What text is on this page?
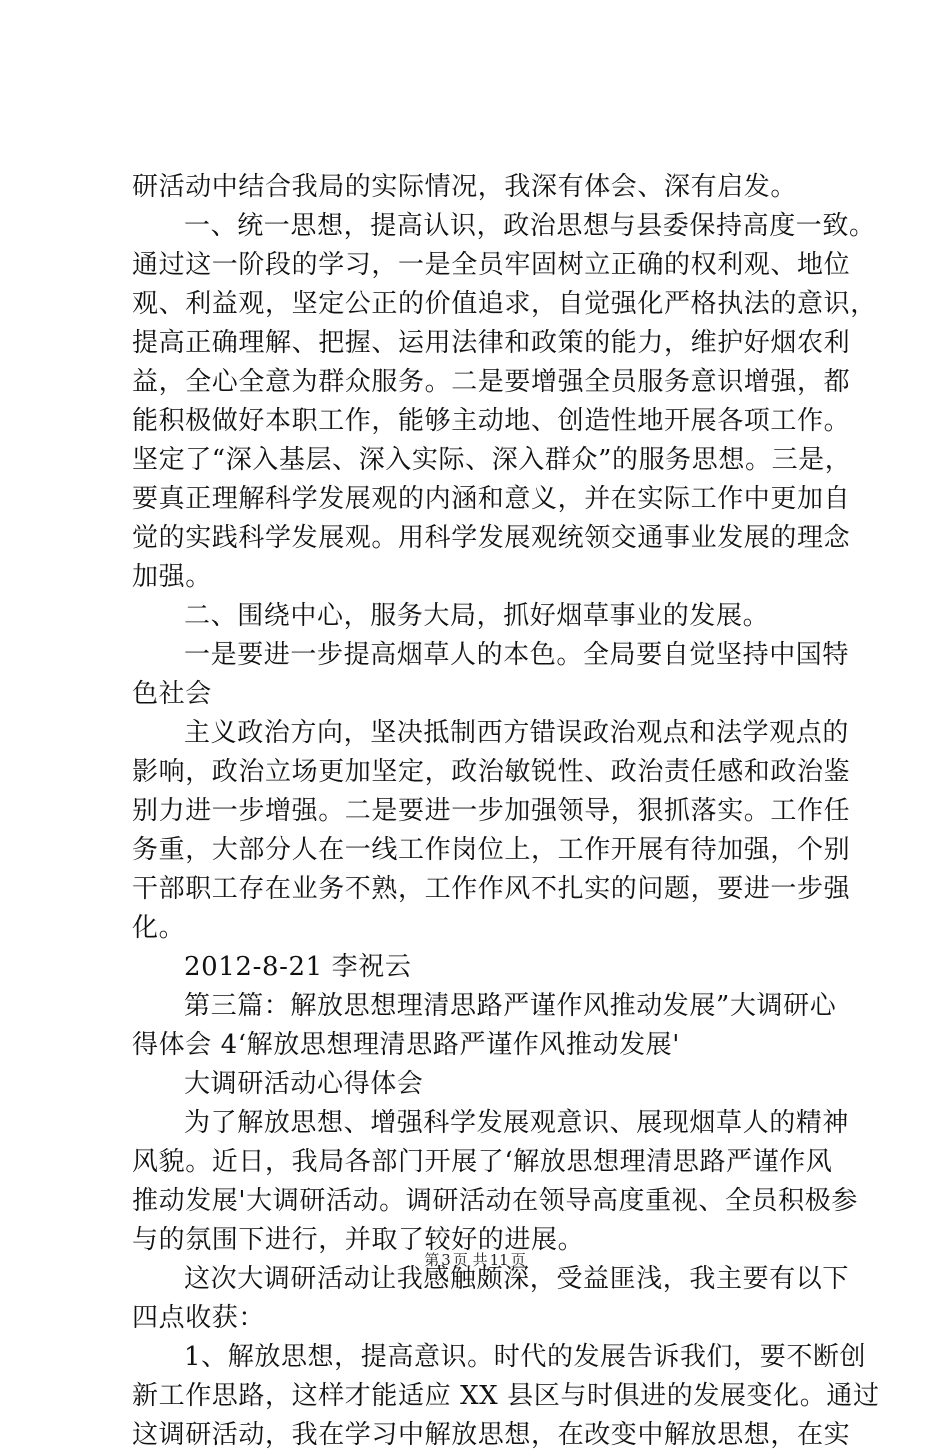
研活动中结合我局的实际情况，我深有体会、深有启发。
一、统一思想，提高认识，政治思想与县委保持高度一致。
通过这一阶段的学习，一是全员牢固树立正确的权利观、地位
观、利益观，坚定公正的价值追求，自觉强化严格执法的意识，
提高正确理解、把握、运用法律和政策的能力，维护好烟农利
益，全心全意为群众服务。二是要增强全员服务意识增强，都
能积极做好本职工作，能够主动地、创造性地开展各项工作。
坚定了“深入基层、深入实际、深入群众”的服务思想。三是，
要真正理解科学发展观的内涵和意义，并在实际工作中更加自
觉的实践科学发展观。用科学发展观统领交通事业发展的理念
加强。
二、围绕中心，服务大局，抓好烟草事业的发展。
一是要进一步提高烟草人的本色。全局要自觉坚持中国特
色社会
主义政治方向，坚决抵制西方错误政治观点和法学观点的
影响，政治立场更加坚定，政治敏锐性、政治责任感和政治鉴
别力进一步增强。二是要进一步加强领导，狠抓落实。工作任
务重，大部分人在一线工作岗位上，工作开展有待加强，个别
干部职工存在业务不熟，工作作风不扎实的问题，要进一步强
化。
2012-8-21 李祝云
第三篇：解放思想理清思路严谨作风推动发展”大调研心
得体会 4‘解放思想理清思路严谨作风推动发展'
大调研活动心得体会
为了解放思想、增强科学发展观意识、展现烟草人的精神
风貌。近日，我局各部门开展了‘解放思想理清思路严谨作风
推动发展'大调研活动。调研活动在领导高度重视、全员积极参
与的氛围下进行，并取了较好的进展。
这次大调研活动让我感触颇深，受益匪浅，我主要有以下
四点收获：
1、解放思想，提高意识。时代的发展告诉我们，要不断创
新工作思路，这样才能适应 XX 县区与时俱进的发展变化。通过
这调研活动，我在学习中解放思想，在改变中解放思想，在实
第 3 页 共 11 页
